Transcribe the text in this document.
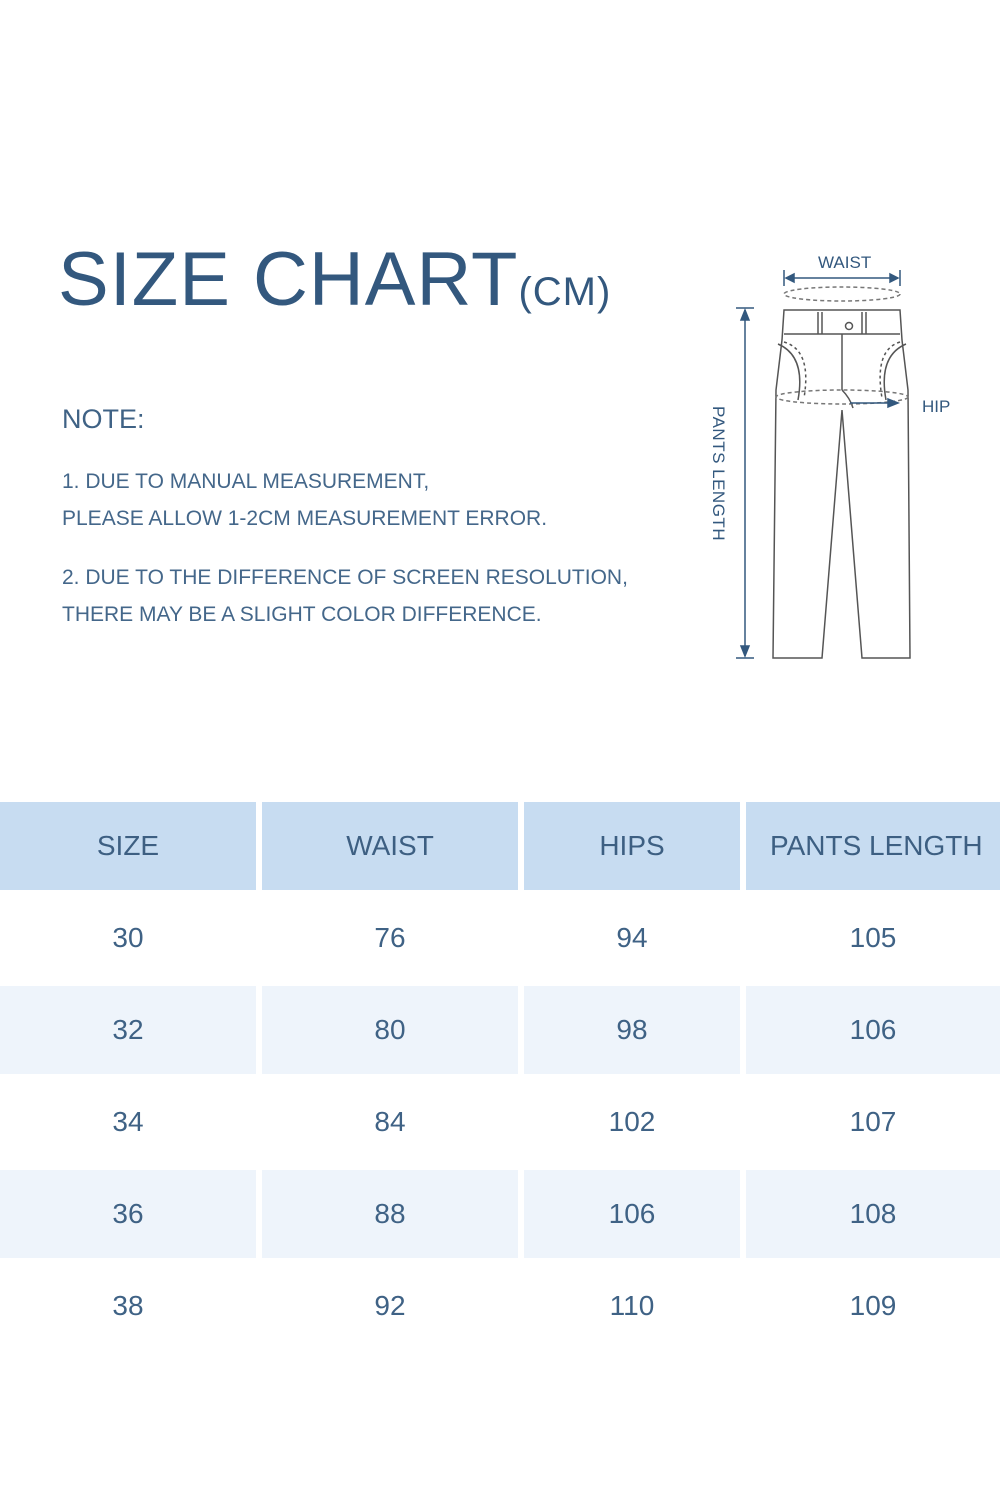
SIZE CHART(CM)
NOTE:

1. DUE TO MANUAL MEASUREMENT,

PLEASE ALLOW 1-2CM MEASUREMENT ERROR.

2. DUE TO THE DIFFERENCE OF SCREEN RESOLUTION,

THERE MAY BE A SLIGHT COLOR DIFFERENCE.

WAIST
HIP
PANTS LENGTH
SIZE	WAIST	HIPS	PANTS LENGTH
30	76	94	105
32	80	98	106
34	84	102	107
36	88	106	108
38	92	110	109
